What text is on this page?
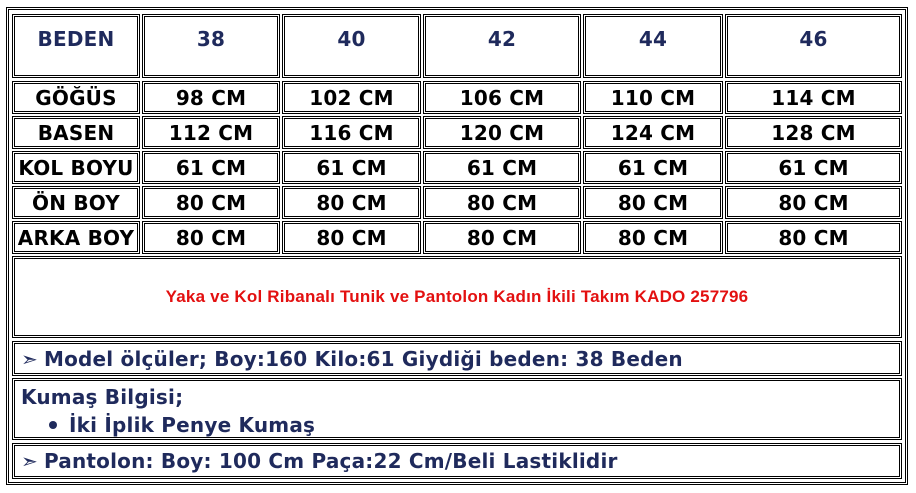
BEDEN	38	40	42	44	46
GÖĞÜS	98 CM	102 CM	106 CM	110 CM	114 CM
BASEN	112 CM	116 CM	120 CM	124 CM	128 CM
KOL BOYU	61 CM	61 CM	61 CM	61 CM	61 CM
ÖN BOY	80 CM	80 CM	80 CM	80 CM	80 CM
ARKA BOY	80 CM	80 CM	80 CM	80 CM	80 CM
Yaka ve Kol Ribanalı Tunik ve Pantolon Kadın İkili Takım KADO 257796
➣ Model ölçüler; Boy:160 Kilo:61 Giydiği beden: 38 Beden
Kumaş Bilgisi;
İki İplik Penye Kumaş
➣ Pantolon: Boy: 100 Cm Paça:22 Cm/Beli Lastiklidir
